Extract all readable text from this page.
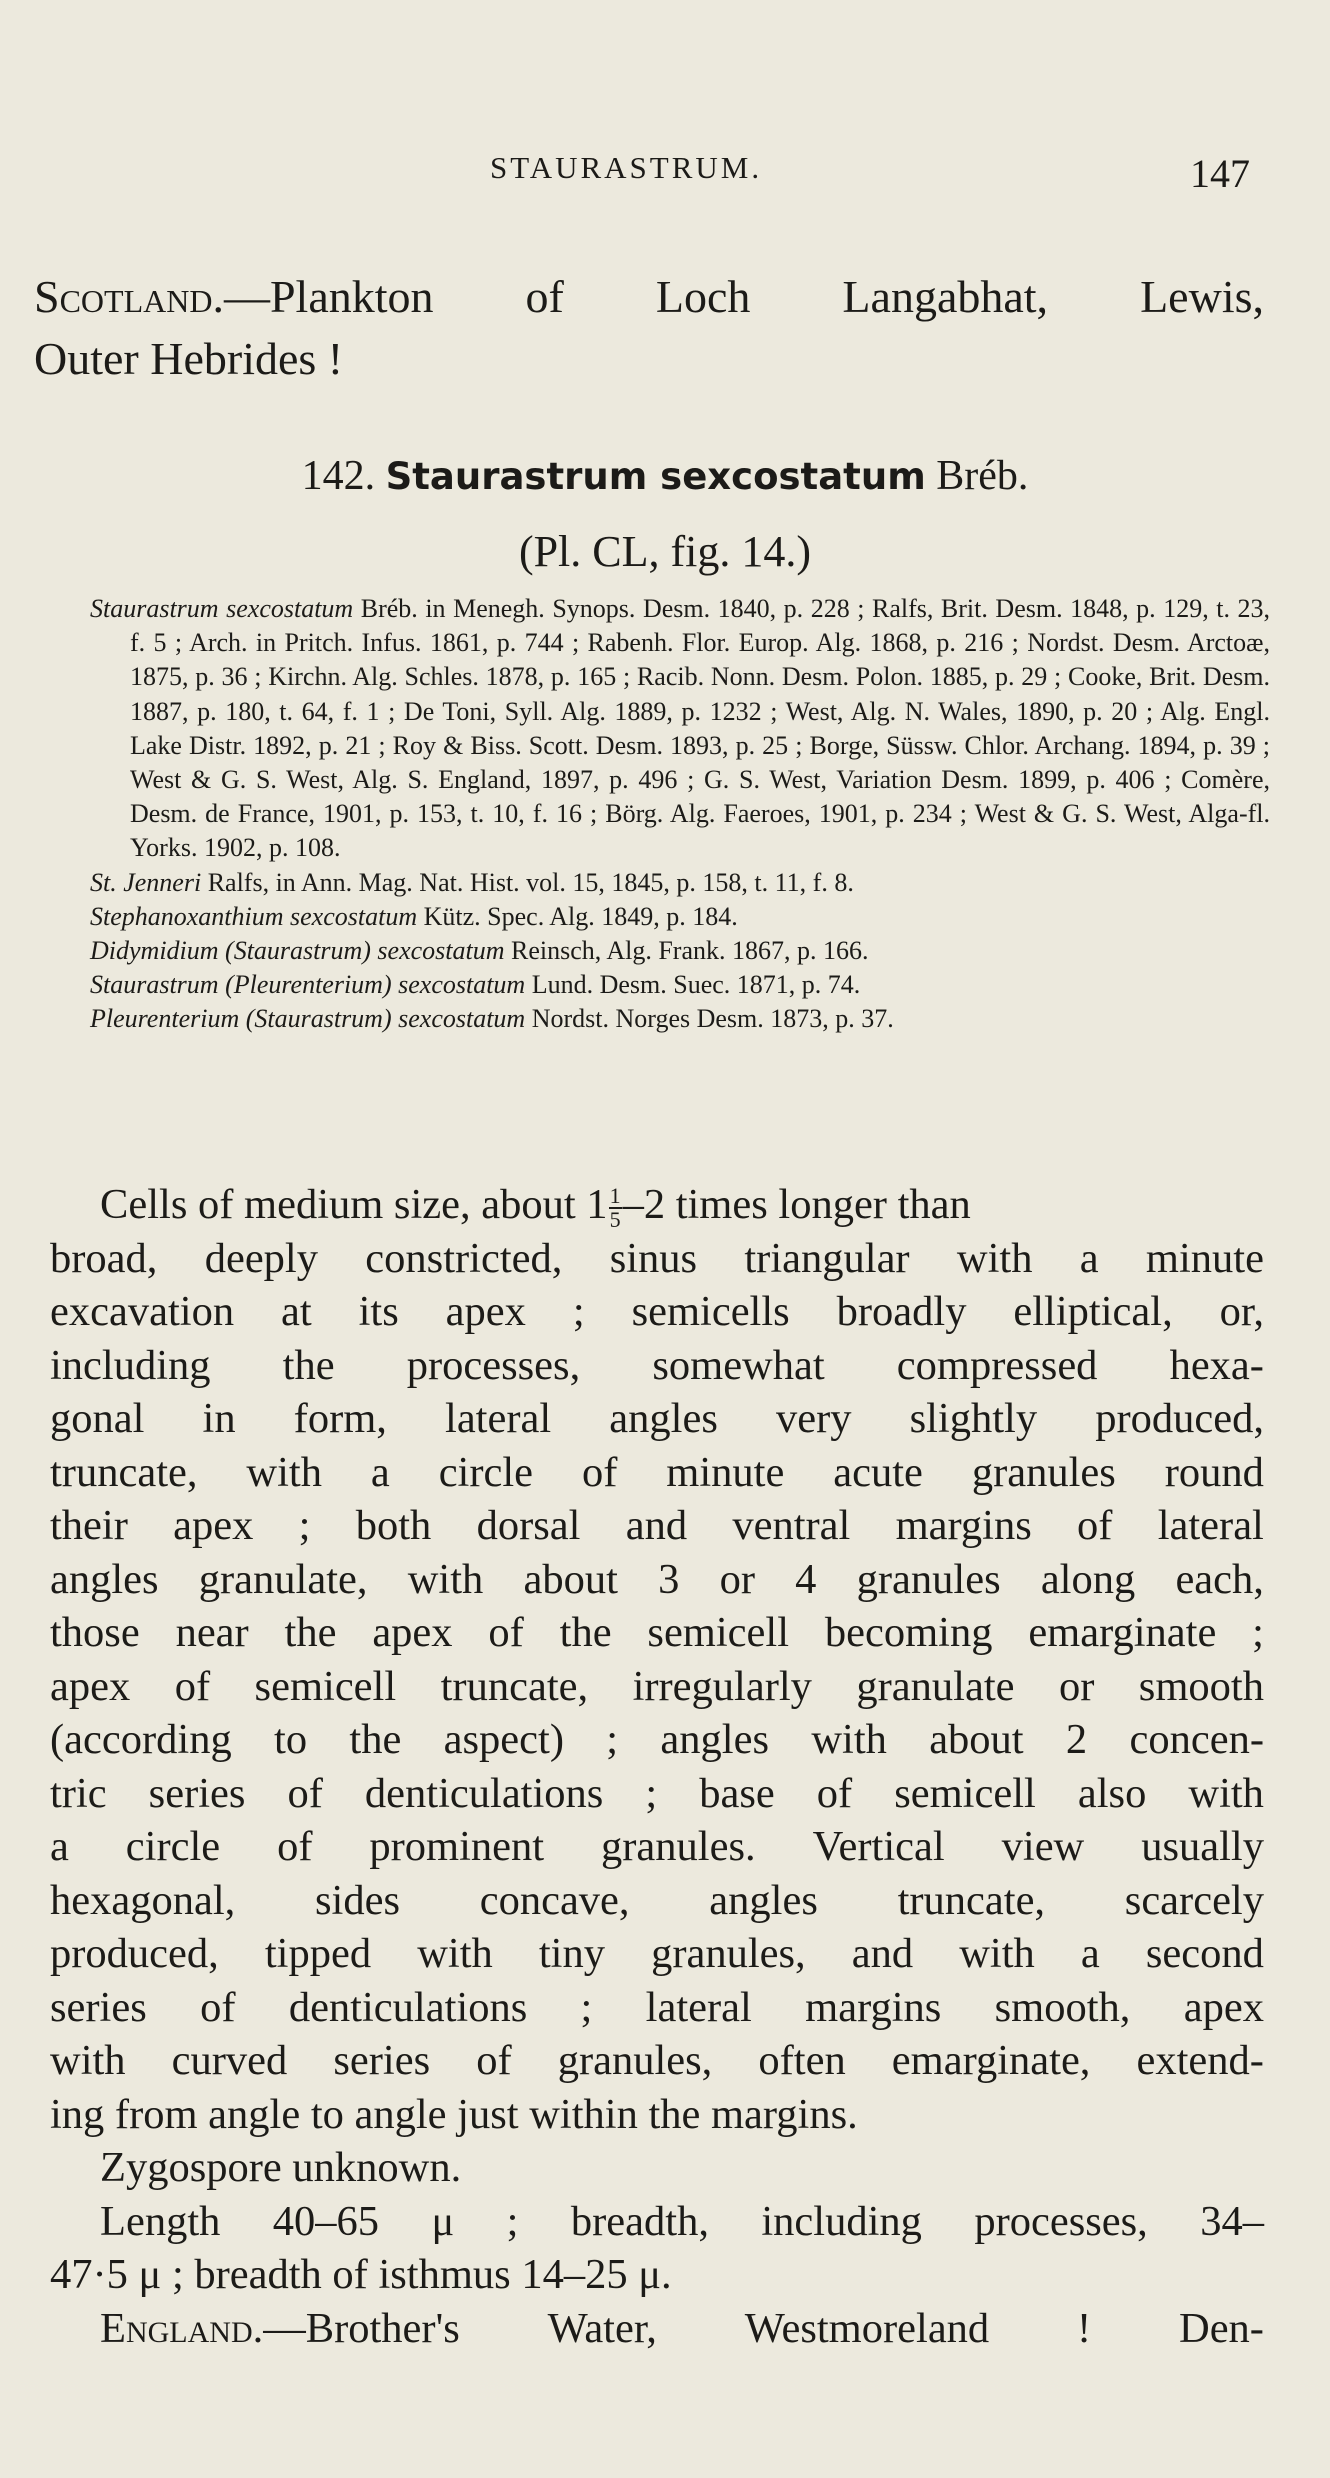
STAURASTRUM.	147
Scotland.—Plankton of Loch Langabhat, Lewis,
Outer Hebrides !
142. Staurastrum sexcostatum Bréb.
(Pl. CL, fig. 14.)
Staurastrum sexcostatum Bréb. in Menegh. Synops. Desm. 1840, p. 228 ; Ralfs, Brit. Desm. 1848, p. 129, t. 23, f. 5 ; Arch. in Pritch. Infus. 1861, p. 744 ; Rabenh. Flor. Europ. Alg. 1868, p. 216 ; Nordst. Desm. Arctoæ, 1875, p. 36 ; Kirchn. Alg. Schles. 1878, p. 165 ; Racib. Nonn. Desm. Polon. 1885, p. 29 ; Cooke, Brit. Desm. 1887, p. 180, t. 64, f. 1 ; De Toni, Syll. Alg. 1889, p. 1232 ; West, Alg. N. Wales, 1890, p. 20 ; Alg. Engl. Lake Distr. 1892, p. 21 ; Roy & Biss. Scott. Desm. 1893, p. 25 ; Borge, Süssw. Chlor. Archang. 1894, p. 39 ; West & G. S. West, Alg. S. England, 1897, p. 496 ; G. S. West, Variation Desm. 1899, p. 406 ; Comère, Desm. de France, 1901, p. 153, t. 10, f. 16 ; Börg. Alg. Faeroes, 1901, p. 234 ; West & G. S. West, Alga-fl. Yorks. 1902, p. 108.
St. Jenneri Ralfs, in Ann. Mag. Nat. Hist. vol. 15, 1845, p. 158, t. 11, f. 8.
Stephanoxanthium sexcostatum Kütz. Spec. Alg. 1849, p. 184.
Didymidium (Staurastrum) sexcostatum Reinsch, Alg. Frank. 1867, p. 166.
Staurastrum (Pleurenterium) sexcostatum Lund. Desm. Suec. 1871, p. 74.
Pleurenterium (Staurastrum) sexcostatum Nordst. Norges Desm. 1873, p. 37.
Cells of medium size, about $1 \frac{1}{5} -2$ times longer than
broad, deeply constricted, sinus triangular with a minute
excavation at its apex ; semicells broadly elliptical, or,
including the processes, somewhat compressed hexa-
gonal in form, lateral angles very slightly produced,
truncate, with a circle of minute acute granules round
their apex ; both dorsal and ventral margins of lateral
angles granulate, with about 3 or 4 granules along each,
those near the apex of the semicell becoming emarginate ;
apex of semicell truncate, irregularly granulate or smooth
(according to the aspect) ; angles with about 2 concen-
tric series of denticulations ; base of semicell also with
a circle of prominent granules. Vertical view usually
hexagonal, sides concave, angles truncate, scarcely
produced, tipped with tiny granules, and with a second
series of denticulations ; lateral margins smooth, apex
with curved series of granules, often emarginate, extend-
ing from angle to angle just within the margins.
Zygospore unknown.
Length 40–65 μ ; breadth, including processes, 34–
47·5 μ ; breadth of isthmus 14–25 μ.
England.—Brother's Water, Westmoreland ! Den-
